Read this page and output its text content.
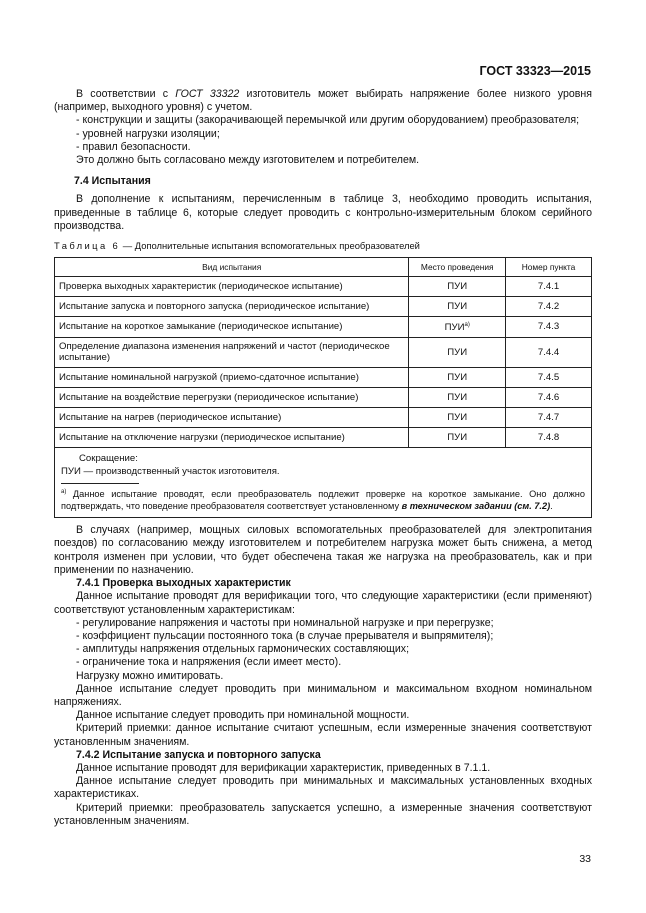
ГОСТ 33323—2015

В соответствии с ГОСТ 33322 изготовитель может выбирать напряжение более низкого уровня (например, выходного уровня) с учетом.

- конструкции и защиты (закорачивающей перемычкой или другим оборудованием) преобразователя;

- уровней нагрузки изоляции;

- правил безопасности.

Это должно быть согласовано между изготовителем и потребителем.

7.4 Испытания

В дополнение к испытаниям, перечисленным в таблице 3, необходимо проводить испытания, приведенные в таблице 6, которые следует проводить с контрольно-измерительным блоком серийного производства.

Таблица 6 — Дополнительные испытания вспомогательных преобразователей

Вид испытания	Место проведения	Номер пункта
Проверка выходных характеристик (периодическое испытание)	ПУИ	7.4.1
Испытание запуска и повторного запуска (периодическое испытание)	ПУИ	7.4.2
Испытание на короткое замыкание (периодическое испытание)	$ПУИ^{а)}$	7.4.3
Определение диапазона изменения напряжений и частот (периодическое испытание)	ПУИ	7.4.4
Испытание номинальной нагрузкой (приемо-сдаточное испытание)	ПУИ	7.4.5
Испытание на воздействие перегрузки (периодическое испытание)	ПУИ	7.4.6
Испытание на нагрев (периодическое испытание)	ПУИ	7.4.7
Испытание на отключение нагрузки (периодическое испытание)	ПУИ	7.4.8

Сокращение:
ПУИ — производственный участок изготовителя.
$^{а)}$ Данное испытание проводят, если преобразователь подлежит проверке на короткое замыкание. Оно должно подтверждать, что поведение преобразователя соответствует установленному в техническом задании (см. 7.2).		

В случаях (например, мощных силовых вспомогательных преобразователей для электропитания поездов) по согласованию между изготовителем и потребителем нагрузка может быть снижена, а метод контроля изменен при условии, что будет обеспечена такая же нагрузка на преобразователь, как и при применении по назначению.

7.4.1 Проверка выходных характеристик

Данное испытание проводят для верификации того, что следующие характеристики (если применяют) соответствуют установленным характеристикам:

- регулирование напряжения и частоты при номинальной нагрузке и при перегрузке;

- коэффициент пульсации постоянного тока (в случае прерывателя и выпрямителя);

- амплитуды напряжения отдельных гармонических составляющих;

- ограничение тока и напряжения (если имеет место).

Нагрузку можно имитировать.

Данное испытание следует проводить при минимальном и максимальном входном номинальном напряжениях.

Данное испытание следует проводить при номинальной мощности.

Критерий приемки: данное испытание считают успешным, если измеренные значения соответствуют установленным значениям.

7.4.2 Испытание запуска и повторного запуска

Данное испытание проводят для верификации характеристик, приведенных в 7.1.1.

Данное испытание следует проводить при минимальных и максимальных установленных входных характеристиках.

Критерий приемки: преобразователь запускается успешно, а измеренные значения соответствуют установленным значениям.

33
